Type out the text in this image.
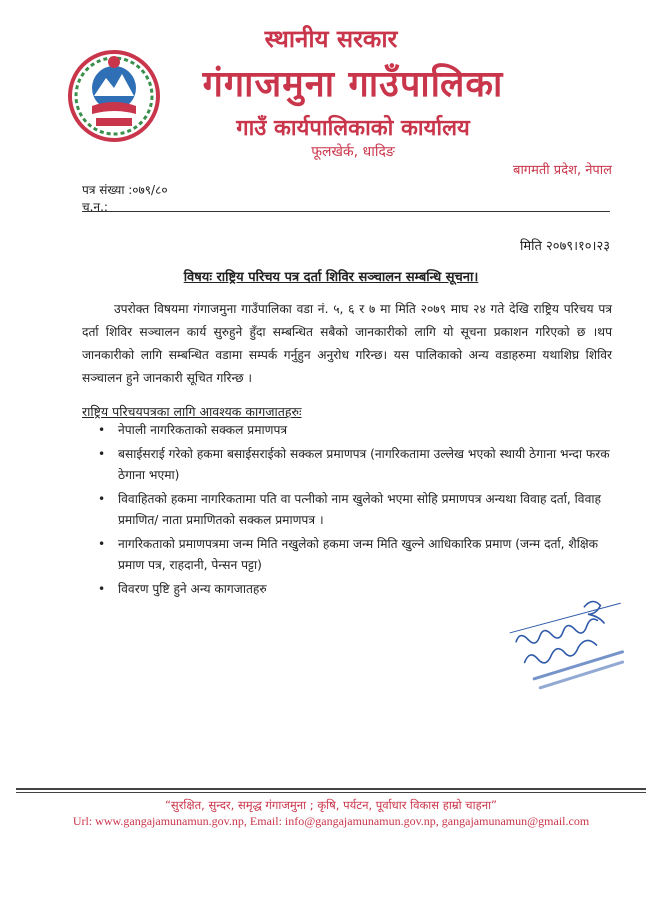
स्थानीय सरकार
गंगाजमुना गाउँपालिका
गाउँ कार्यपालिकाको कार्यालय
फूलखेर्क, धादिङ
बागमती प्रदेश, नेपाल
पत्र संख्या :०७९/८०
च.न.:
मिति २०७९।१०।२३
विषयः राष्ट्रिय परिचय पत्र दर्ता शिविर सञ्चालन सम्बन्धि सूचना।

उपरोक्त विषयमा गंगाजमुना गाउँपालिका वडा नं. ५, ६ र ७ मा मिति २०७९ माघ २४ गते देखि राष्ट्रिय परिचय पत्र दर्ता शिविर सञ्चालन कार्य सुरुहुने हुँदा सम्बन्धित सबैको जानकारीको लागि यो सूचना प्रकाशन गरिएको छ ।थप जानकारीको लागि सम्बन्धित वडामा सम्पर्क गर्नुहुन अनुरोध गरिन्छ। यस पालिकाको अन्य वडाहरुमा यथाशिघ्र शिविर सञ्चालन हुने जानकारी सूचित गरिन्छ ।

राष्ट्रिय परिचयपत्रका लागि आवश्यक कागजातहरुः
• नेपाली नागरिकताको सक्कल प्रमाणपत्र
• बसाईसराई गरेको हकमा बसाईसराईको सक्कल प्रमाणपत्र (नागरिकतामा उल्लेख भएको स्थायी ठेगाना भन्दा फरक ठेगाना भएमा)
• विवाहितको हकमा नागरिकतामा पति वा पत्नीको नाम खुलेको भएमा सोहि प्रमाणपत्र अन्यथा विवाह दर्ता, विवाह प्रमाणित/ नाता प्रमाणितको सक्कल प्रमाणपत्र ।
• नागरिकताको प्रमाणपत्रमा जन्म मिति नखुलेको हकमा जन्म मिति खुल्ने आधिकारिक प्रमाण (जन्म दर्ता, शैक्षिक प्रमाण पत्र, राहदानी, पेन्सन पट्टा)
• विवरण पुष्टि हुने अन्य कागजातहरु
“सुरक्षित, सुन्दर, समृद्ध गंगाजमुना ; कृषि, पर्यटन, पूर्वाधार विकास हाम्रो चाहना”
Url: www.gangajamunamun.gov.np, Email: info@gangajamunamun.gov.np, gangajamunamun@gmail.com
